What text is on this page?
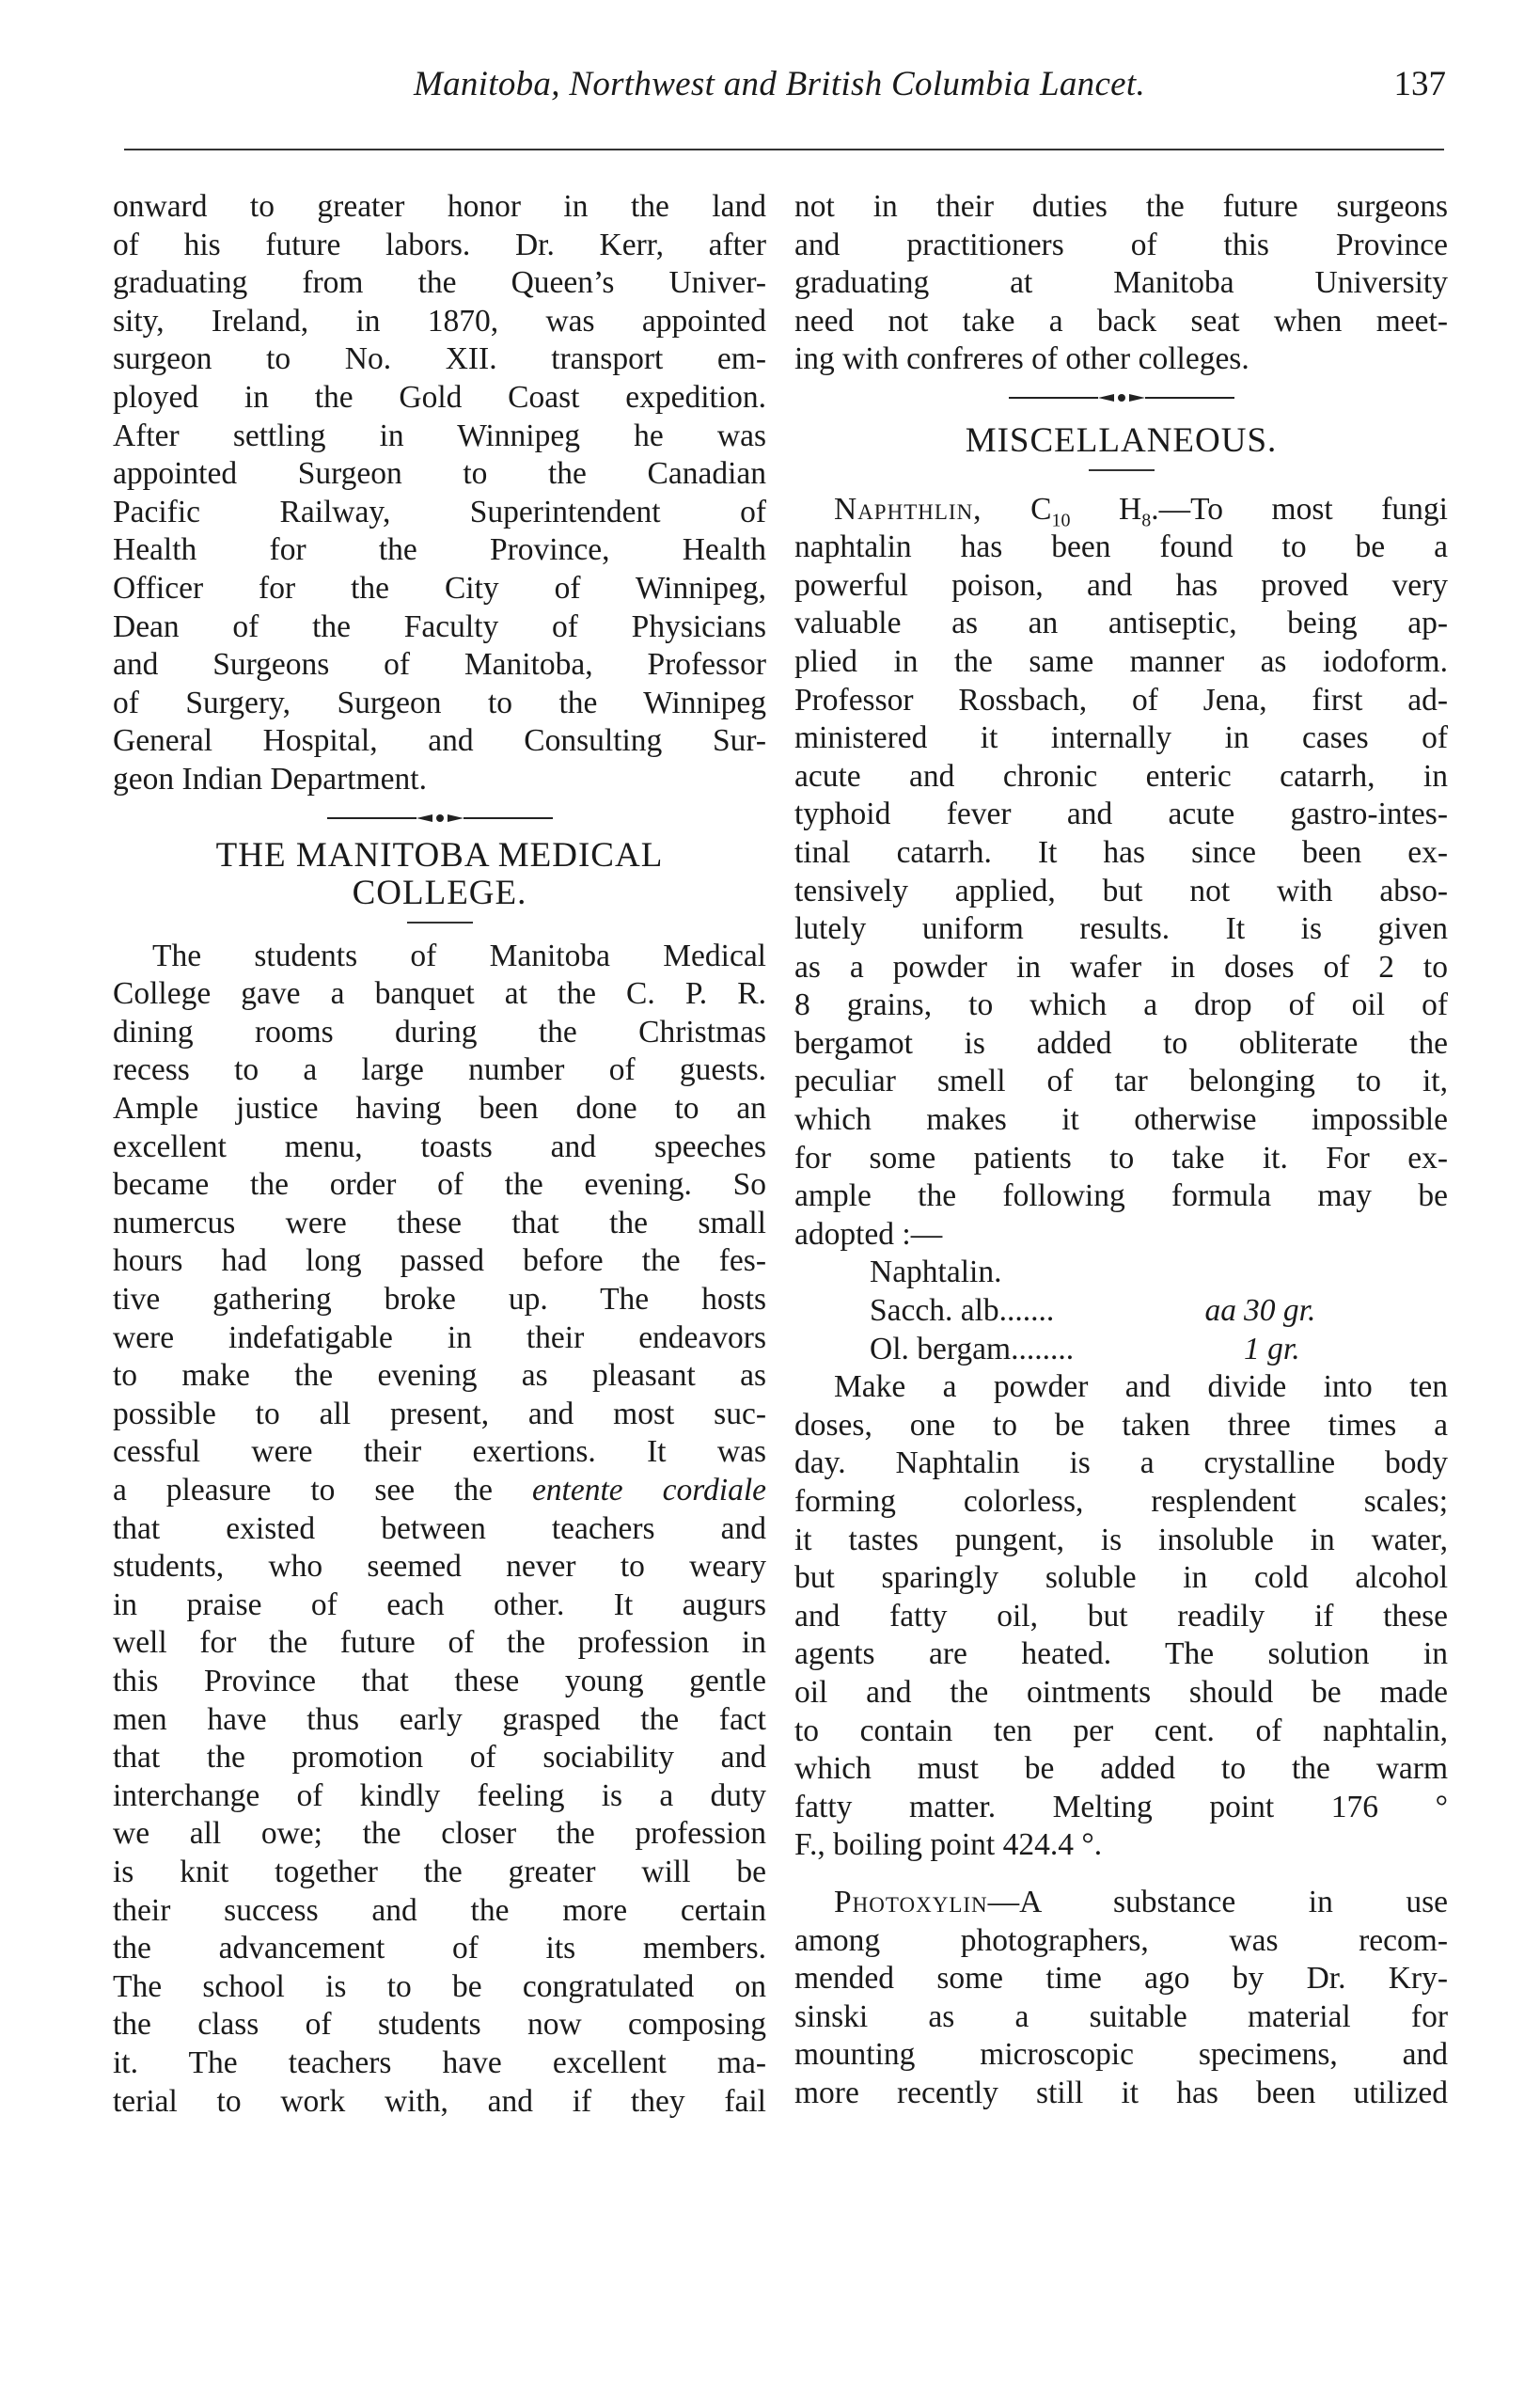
Manitoba, Northwest and British Columbia Lancet.	137
onward to greater honor in the land
of his future labors. Dr. Kerr, after
graduating from the Queen’s Univer-
sity, Ireland, in 1870, was appointed
surgeon to No. XII. transport em-
ployed in the Gold Coast expedition.
After settling in Winnipeg he was
appointed Surgeon to the Canadian
Pacific Railway, Superintendent of
Health for the Province, Health
Officer for the City of Winnipeg,
Dean of the Faculty of Physicians
and Surgeons of Manitoba, Professor
of Surgery, Surgeon to the Winnipeg
General Hospital, and Consulting Sur-
geon Indian Department.
THE MANITOBA MEDICAL
COLLEGE.
The students of Manitoba Medical
College gave a banquet at the C. P. R.
dining rooms during the Christmas
recess to a large number of guests.
Ample justice having been done to an
excellent menu, toasts and speeches
became the order of the evening. So
numercus were these that the small
hours had long passed before the fes-
tive gathering broke up. The hosts
were indefatigable in their endeavors
to make the evening as pleasant as
possible to all present, and most suc-
cessful were their exertions. It was
a pleasure to see the entente cordiale
that existed between teachers and
students, who seemed never to weary
in praise of each other. It augurs
well for the future of the profession in
this Province that these young gentle
men have thus early grasped the fact
that the promotion of sociability and
interchange of kindly feeling is a duty
we all owe; the closer the profession
is knit together the greater will be
their success and the more certain
the advancement of its members.
The school is to be congratulated on
the class of students now composing
it. The teachers have excellent ma-
terial to work with, and if they fail
not in their duties the future surgeons
and practitioners of this Province
graduating at Manitoba University
need not take a back seat when meet-
ing with confreres of other colleges.
MISCELLANEOUS.
Naphthlin, $C_{10}$ $H_8.—To$ most fungi
naphtalin has been found to be a
powerful poison, and has proved very
valuable as an antiseptic, being ap-
plied in the same manner as iodoform.
Professor Rossbach, of Jena, first ad-
ministered it internally in cases of
acute and chronic enteric catarrh, in
typhoid fever and acute gastro-intes-
tinal catarrh. It has since been ex-
tensively applied, but not with abso-
lutely uniform results. It is given
as a powder in wafer in doses of 2 to
8 grains, to which a drop of oil of
bergamot is added to obliterate the
peculiar smell of tar belonging to it,
which makes it otherwise impossible
for some patients to take it. For ex-
ample the following formula may be
adopted :—
Naphtalin.
Sacch. alb.......	aa 30 gr.
Ol. bergam........	1 gr.
Make a powder and divide into ten
doses, one to be taken three times a
day. Naphtalin is a crystalline body
forming colorless, resplendent scales;
it tastes pungent, is insoluble in water,
but sparingly soluble in cold alcohol
and fatty oil, but readily if these
agents are heated. The solution in
oil and the ointments should be made
to contain ten per cent. of naphtalin,
which must be added to the warm
fatty matter. Melting point 176 °
F., boiling point 424.4 °.
Photoxylin—A substance in use
among photographers, was recom-
mended some time ago by Dr. Kry-
sinski as a suitable material for
mounting microscopic specimens, and
more recently still it has been utilized
